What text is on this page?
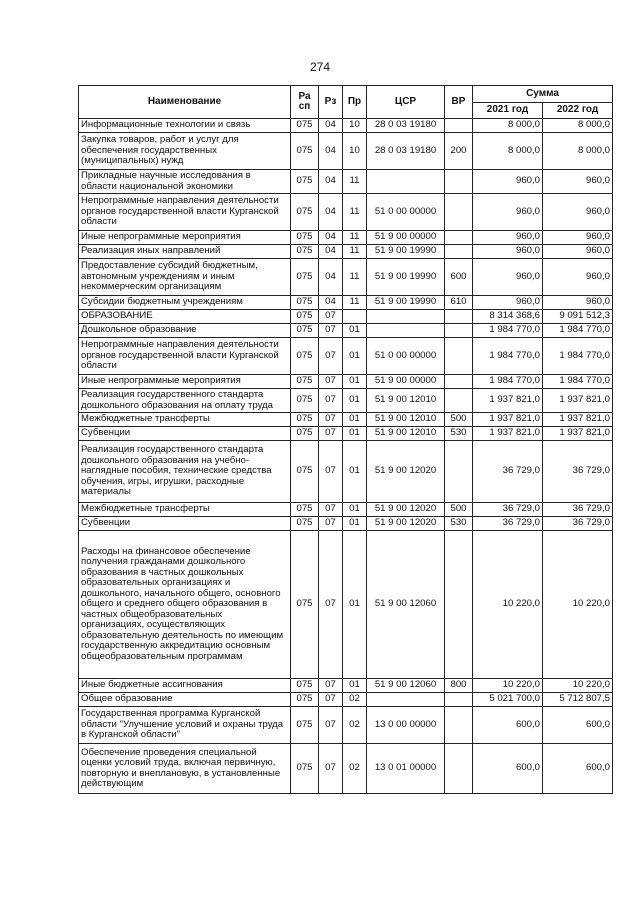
274
Наименование	Ра сп	Рз	Пр	ЦСР	ВР	Сумма	
						2021 год	2022 год
Информационные технологии и связь	075	04	10	28 0 03 19180		8 000,0	8 000,0
Закупка товаров, работ и услуг для обеспечения государственных (муниципальных) нужд	075	04	10	28 0 03 19180	200	8 000,0	8 000,0
Прикладные научные исследования в области национальной экономики	075	04	11			960,0	960,0
Непрограммные направления деятельности органов государственной власти Курганской области	075	04	11	51 0 00 00000		960,0	960,0
Иные непрограммные мероприятия	075	04	11	51 9 00 00000		960,0	960,0
Реализация иных направлений	075	04	11	51 9 00 19990		960,0	960,0
Предоставление субсидий бюджетным, автономным учреждениям и иным некоммерческим организациям	075	04	11	51 9 00 19990	600	960,0	960,0
Субсидии бюджетным учреждениям	075	04	11	51 9 00 19990	610	960,0	960,0
ОБРАЗОВАНИЕ	075	07				8 314 368,6	9 091 512,3
Дошкольное образование	075	07	01			1 984 770,0	1 984 770,0
Непрограммные направления деятельности органов государственной власти Курганской области	075	07	01	51 0 00 00000		1 984 770,0	1 984 770,0
Иные непрограммные мероприятия	075	07	01	51 9 00 00000		1 984 770,0	1 984 770,0
Реализация государственного стандарта дошкольного образования на оплату труда	075	07	01	51 9 00 12010		1 937 821,0	1 937 821,0
Межбюджетные трансферты	075	07	01	51 9 00 12010	500	1 937 821,0	1 937 821,0
Субвенции	075	07	01	51 9 00 12010	530	1 937 821,0	1 937 821,0
Реализация государственного стандарта дошкольного образования на учебно-наглядные пособия, технические средства обучения, игры, игрушки, расходные материалы	075	07	01	51 9 00 12020		36 729,0	36 729,0
Межбюджетные трансферты	075	07	01	51 9 00 12020	500	36 729,0	36 729,0
Субвенции	075	07	01	51 9 00 12020	530	36 729,0	36 729,0
Расходы на финансовое обеспечение получения гражданами дошкольного образования в частных дошкольных образовательных организациях и дошкольного, начального общего, основного общего и среднего общего образования в частных общеобразовательных организациях, осуществляющих образовательную деятельность по имеющим государственную аккредитацию основным общеобразовательным программам	075	07	01	51 9 00 12060		10 220,0	10 220,0
Иные бюджетные ассигнования	075	07	01	51 9 00 12060	800	10 220,0	10 220,0
Общее образование	075	07	02			5 021 700,0	5 712 807,5
Государственная программа Курганской области "Улучшение условий и охраны труда в Курганской области"	075	07	02	13 0 00 00000		600,0	600,0
Обеспечение проведения специальной оценки условий труда, включая первичную, повторную и внеплановую, в установленные действующим	075	07	02	13 0 01 00000		600,0	600,0
